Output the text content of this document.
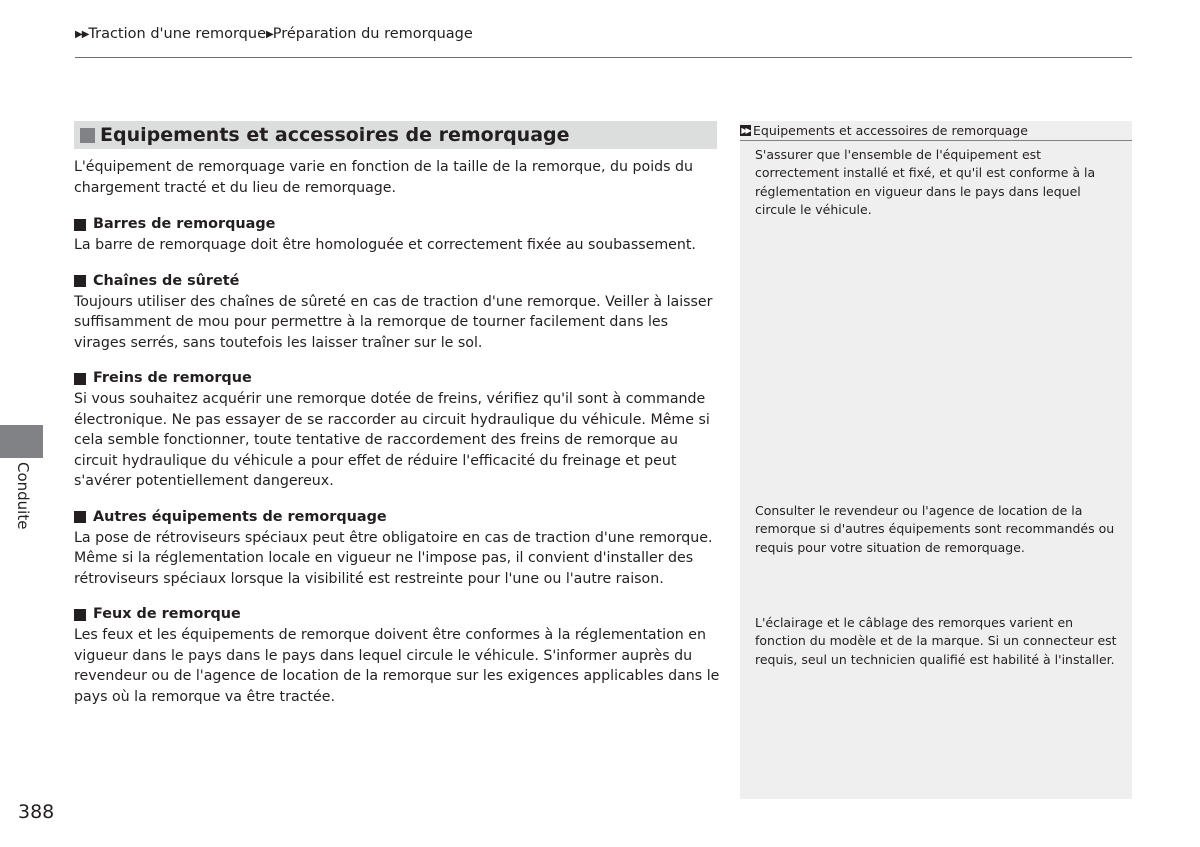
▶▶Traction d'une remorque▶Préparation du remorquage
Equipements et accessoires de remorquage

L'équipement de remorquage varie en fonction de la taille de la remorque, du poids du chargement tracté et du lieu de remorquage.

Barres de remorquage

La barre de remorquage doit être homologuée et correctement fixée au soubassement.

Chaînes de sûreté

Toujours utiliser des chaînes de sûreté en cas de traction d'une remorque. Veiller à laisser suffisamment de mou pour permettre à la remorque de tourner facilement dans les virages serrés, sans toutefois les laisser traîner sur le sol.

Freins de remorque

Si vous souhaitez acquérir une remorque dotée de freins, vérifiez qu'il sont à commande électronique. Ne pas essayer de se raccorder au circuit hydraulique du véhicule. Même si cela semble fonctionner, toute tentative de raccordement des freins de remorque au circuit hydraulique du véhicule a pour effet de réduire l'efficacité du freinage et peut s'avérer potentiellement dangereux.

Autres équipements de remorquage

La pose de rétroviseurs spéciaux peut être obligatoire en cas de traction d'une remorque. Même si la réglementation locale en vigueur ne l'impose pas, il convient d'installer des rétroviseurs spéciaux lorsque la visibilité est restreinte pour l'une ou l'autre raison.

Feux de remorque

Les feux et les équipements de remorque doivent être conformes à la réglementation en vigueur dans le pays dans le pays dans lequel circule le véhicule. S'informer auprès du revendeur ou de l'agence de location de la remorque sur les exigences applicables dans le pays où la remorque va être tractée.

▶▶ Equipements et accessoires de remorquage

S'assurer que l'ensemble de l'équipement est correctement installé et fixé, et qu'il est conforme à la réglementation en vigueur dans le pays dans lequel circule le véhicule.

Consulter le revendeur ou l'agence de location de la remorque si d'autres équipements sont recommandés ou requis pour votre situation de remorquage.

L'éclairage et le câblage des remorques varient en fonction du modèle et de la marque. Si un connecteur est requis, seul un technicien qualifié est habilité à l'installer.

Conduite
388
